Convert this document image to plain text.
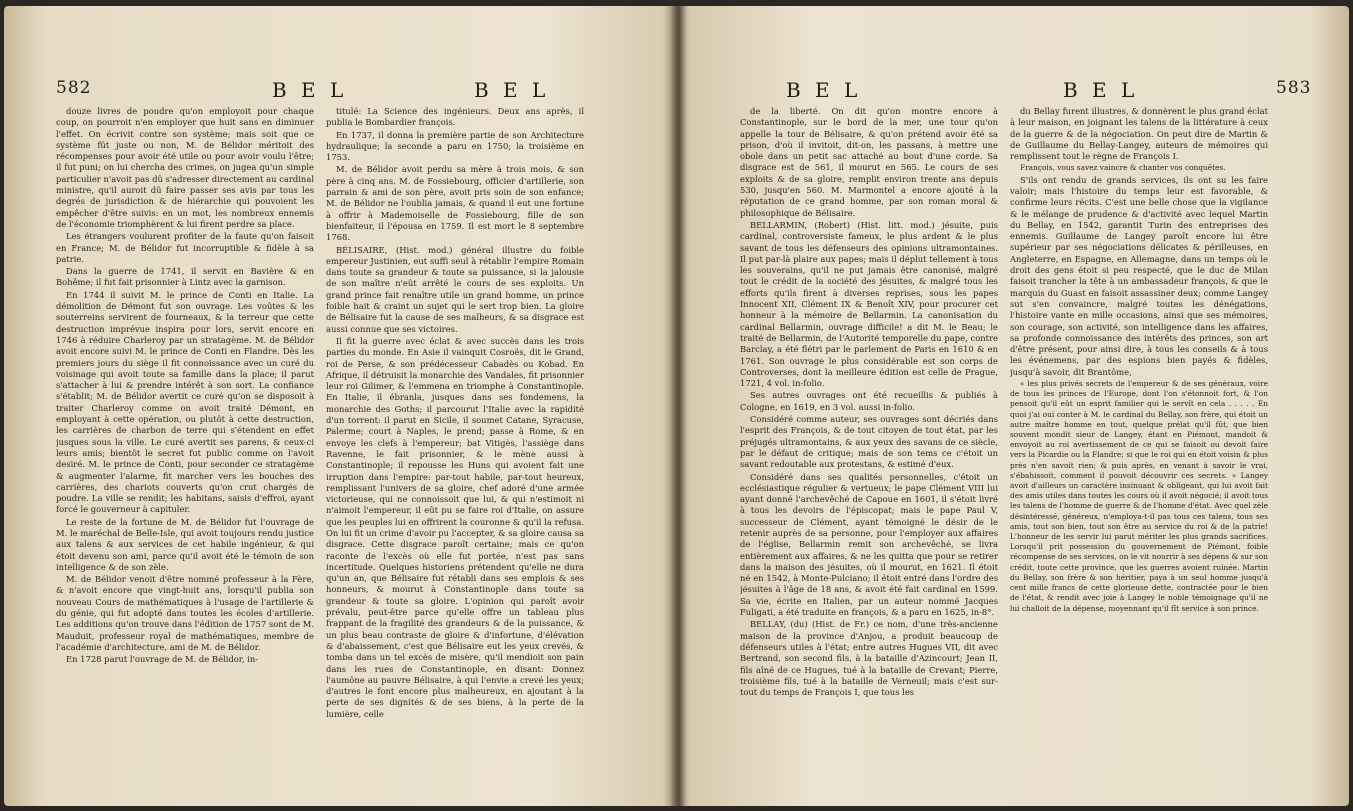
582	B E L	B E L

douze livres de poudre qu'on employoit pour chaque coup, on pourroit n'en employer que huit sans en diminuer l'effet. On écrivit contre son système; mais soit que ce système fût juste ou non, M. de Bélidor méritoit des récompenses pour avoir été utile ou pour avoir voulu l'être; il fut puni; on lui chercha des crimes, on jugea qu'un simple particulier n'avoit pas dû s'adresser directement au cardinal ministre, qu'il auroit dû faire passer ses avis par tous les degrés de jurisdiction & de hiérarchie qui pouvoient les empêcher d'être suivis: en un mot, les nombreux ennemis de l'économie triomphèrent & lui firent perdre sa place.

Les étrangers voulurent profiter de la faute qu'on faisoit en France; M. de Bélidor fut incorruptible & fidèle à sa patrie.

Dans la guerre de 1741, il servit en Bavière & en Bohême; il fut fait prisonnier à Lintz avec la garnison.

En 1744 il suivit M. le prince de Conti en Italie. La démolition de Démont fut son ouvrage. Les voûtes & les souterreins servirent de fourneaux, & la terreur que cette destruction imprévue inspira pour lors, servit encore en 1746 à réduire Charleroy par un stratagème. M. de Bélidor avoit encore suivi M. le prince de Conti en Flandre. Dès les premiers jours du siège il fit connoissance avec un curé du voisinage qui avoit toute sa famille dans la place; il parut s'attacher à lui & prendre intérêt à son sort. La confiance s'établit; M. de Bélidor avertit ce curé qu'on se disposoit à traiter Charleroy comme on avoit traité Démont, en employant à cette opération, ou plutôt à cette destruction, les carrières de charbon de terre qui s'étendent en effet jusques sous la ville. Le curé avertit ses parens, & ceux-ci leurs amis; bientôt le secret fut public comme on l'avoit desiré. M. le prince de Conti, pour seconder ce stratagème & augmenter l'alarme, fit marcher vers les bouches des carrières, des chariots couverts qu'on crut chargés de poudre. La ville se rendit; les habitans, saisis d'effroi, ayant forcé le gouverneur à capituler.

Le reste de la fortune de M. de Bélidor fut l'ouvrage de M. le maréchal de Belle-Isle, qui avoit toujours rendu justice aux talens & aux services de cet habile ingénieur, & qui étoit devenu son ami, parce qu'il avoit été le témoin de son intelligence & de son zèle.

M. de Bélidor venoit d'être nommé professeur à la Fère, & n'avoit encore que vingt-huit ans, lorsqu'il publia son nouveau Cours de mathématiques à l'usage de l'artillerie & du génie, qui fut adopté dans toutes les écoles d'artillerie. Les additions qu'on trouve dans l'édition de 1757 sont de M. Mauduit, professeur royal de mathématiques, membre de l'académie d'architecture, ami de M. de Bélidor.

En 1728 parut l'ouvrage de M. de Bélidor, in-

titulé: La Science des ingénieurs. Deux ans après, il publia le Bombardier françois.

En 1737, il donna la première partie de son Architecture hydraulique; la seconde a paru en 1750; la troisième en 1753.

M. de Bélidor avoit perdu sa mère à trois mois, & son père à cinq ans. M. de Fossiebourg, officier d'artillerie, son parrain & ami de son père, avoit pris soin de son enfance; M. de Bélidor ne l'oublia jamais, & quand il eut une fortune à offrir à Mademoiselle de Fossiebourg, fille de son bienfaiteur, il l'épousa en 1759. Il est mort le 8 septembre 1768.

BÉLISAIRE, (Hist. mod.) général illustre du foible empereur Justinien, eut suffi seul à rétablir l'empire Romain dans toute sa grandeur & toute sa puissance, si la jalousie de son maître n'eût arrêté le cours de ses exploits. Un grand prince fait renaître utile un grand homme, un prince foible hait & craint un sujet qui le sert trop bien. La gloire de Bélisaire fut la cause de ses malheurs, & sa disgrace est aussi connue que ses victoires.

Il fit la guerre avec éclat & avec succès dans les trois parties du monde. En Asie il vainquit Cosroës, dit le Grand, roi de Perse, & son prédécesseur Cabadès ou Kobad. En Afrique, il détruisit la monarchie des Vandales, fit prisonnier leur roi Gilimer, & l'emmena en triomphe à Constantinople. En Italie, il ébranla, jusques dans ses fondemens, la monarchie des Goths; il parcourut l'Italie avec la rapidité d'un torrent: il parut en Sicile, il soumet Catane, Syracuse, Palerme; court à Naples, le prend; passe à Rome, & en envoye les clefs à l'empereur; bat Vitigès, l'assiège dans Ravenne, le fait prisonnier, & le mène aussi à Constantinople; il repousse les Huns qui avoient fait une irruption dans l'empire: par-tout habile, par-tout heureux, remplissant l'univers de sa gloire, chef adoré d'une armée victorieuse, qui ne connoissoit que lui, & qui n'estimoit ni n'aimoit l'empereur, il eût pu se faire roi d'Italie, on assure que les peuples lui en offrirent la couronne & qu'il la refusa. On lui fit un crime d'avoir pu l'accepter, & sa gloire causa sa disgrace. Cette disgrace paroît certaine; mais ce qu'on raconte de l'excès où elle fut portée, n'est pas sans incertitude. Quelques historiens prétendent qu'elle ne dura qu'un an, que Bélisaire fut rétabli dans ses emplois & ses honneurs, & mourut à Constantinople dans toute sa grandeur & toute sa gloire. L'opinion qui paroît avoir prévalu, peut-être parce qu'elle offre un tableau plus frappant de la fragilité des grandeurs & de la puissance, & un plus beau contraste de gloire & d'infortune, d'élévation & d'abaissement, c'est que Bélisaire eut les yeux crevés, & tomba dans un tel excès de misère, qu'il mendioit son pain dans les rues de Constantinople, en disant: Donnez l'aumône au pauvre Bélisaire, à qui l'envie a crevé les yeux; d'autres le font encore plus malheureux, en ajoutant à la perte de ses dignités & de ses biens, à la perte de la lumière, celle

B E L	B E L	583

de la liberté. On dit qu'on montre encore à Constantinople, sur le bord de la mer, une tour qu'on appelle la tour de Bélisaire, & qu'on prétend avoir été sa prison, d'où il invitoit, dit-on, les passans, à mettre une obole dans un petit sac attaché au bout d'une corde. Sa disgrace est de 561, il mourut en 565. Le cours de ses exploits & de sa gloire, remplit environ trente ans depuis 530, jusqu'en 560. M. Marmontel a encore ajouté à la réputation de ce grand homme, par son roman moral & philosophique de Bélisaire.

BELLARMIN, (Robert) (Hist. litt. mod.) jésuite, puis cardinal, controversiste fameux, le plus ardent & le plus savant de tous les défenseurs des opinions ultramontaines. Il put par-là plaire aux papes; mais il déplut tellement à tous les souverains, qu'il ne put jamais être canonisé, malgré tout le crédit de la société des jésuites, & malgré tous les efforts qu'ils firent à diverses reprises, sous les papes Innocent XII, Clément IX & Benoît XIV, pour procurer cet honneur à la mémoire de Bellarmin. La canonisation du cardinal Bellarmin, ouvrage difficile! a dit M. le Beau; le traité de Bellarmin, de l'Autorité temporelle du pape, contre Barclay, a été flétri par le parlement de Paris en 1610 & en 1761. Son ouvrage le plus considérable est son corps de Controverses, dont la meilleure édition est celle de Prague, 1721, 4 vol. in-folio.

Ses autres ouvrages ont été recueillis & publiés à Cologne, en 1619, en 3 vol. aussi in-folio.

Considéré comme auteur, ses ouvrages sont décriés dans l'esprit des François, & de tout citoyen de tout état, par les préjugés ultramontains, & aux yeux des savans de ce siècle, par le défaut de critique; mais de son tems ce c'étoit un savant redoutable aux protestans, & estimé d'eux.

Considéré dans ses qualités personnelles, c'étoit un ecclésiastique régulier & vertueux; le pape Clément VIII lui ayant donné l'archevêché de Capoue en 1601, il s'étoit livré à tous les devoirs de l'épiscopat; mais le pape Paul V, successeur de Clément, ayant témoigné le désir de le retenir auprès de sa personne, pour l'employer aux affaires de l'église, Bellarmin remit son archevêché, se livra entièrement aux affaires, & ne les quitta que pour se retirer dans la maison des jésuites, où il mourut, en 1621. Il étoit né en 1542, à Monte-Pulciano; il étoit entré dans l'ordre des jésuites à l'âge de 18 ans, & avoit été fait cardinal en 1599. Sa vie, écrite en Italien, par un auteur nommé Jacques Fuligati, a été traduite en françois, & a paru en 1625, in-8°.

BELLAY, (du) (Hist. de Fr.) ce nom, d'une très-ancienne maison de la province d'Anjou, a produit beaucoup de défenseurs utiles à l'état; entre autres Hugues VII, dit avec Bertrand, son second fils, à la bataille d'Azincourt; Jean II, fils aîné de ce Hugues, tué à la bataille de Crevant; Pierre, troisième fils, tué à la bataille de Verneuil; mais c'est sur-tout du temps de François I, que tous les

du Bellay furent illustres, & donnèrent le plus grand éclat à leur maison, en joignant les talens de la littérature à ceux de la guerre & de la négociation. On peut dire de Martin & de Guillaume du Bellay-Langey, auteurs de mémoires qui remplissent tout le règne de François I.

François, vous savez vaincre & chanter vos conquêtes.

S'ils ont rendu de grands services, ils ont su les faire valoir; mais l'histoire du temps leur est favorable, & confirme leurs récits. C'est une belle chose que la vigilance & le mélange de prudence & d'activité avec lequel Martin du Bellay, en 1542, garantit Turin des entreprises des ennemis. Guillaume de Langey paroît encore lui être supérieur par ses négociations délicates & périlleuses, en Angleterre, en Espagne, en Allemagne, dans un temps où le droit des gens étoit si peu respecté, que le duc de Milan faisoit trancher la tête à un ambassadeur françois, & que le marquis du Guast en faisoit assassiner deux; comme Langey sut s'en convaincre, malgré toutes les dénégations, l'histoire vante en mille occasions, ainsi que ses mémoires, son courage, son activité, son intelligence dans les affaires, sa profonde connoissance des intérêts des princes, son art d'être présent, pour ainsi dire, à tous les conseils & à tous les événemens, par des espions bien payés & fidèles, jusqu'à savoir, dit Brantôme,

« les plus privés secrets de l'empereur & de ses généraux, voire de tous les princes de l'Europe, dont l'on s'étonnoit fort, & l'on pensoit qu'il eût un esprit familier qui le servît en cela . . . . . En quoi j'ai oui conter à M. le cardinal du Bellay, son frère, qui étoit un autre maître homme en tout, quelque prélat qu'il fût, que bien souvent mondit sieur de Langey, étant en Piémont, mandoit & envoyoit au roi avertissement de ce qui se faisoit ou devoit faire vers la Picardie ou la Flandre; si que le roi qui en étoit voisin & plus près n'en savoit rien; & puis après, en venant à savoir le vrai, s'ébahissoit, comment il pouvoit découvrir ces secrets. » Langey avoit d'ailleurs un caractère insinuant & obligeant, qui lui avoit fait des amis utiles dans toutes les cours où il avoit négocié; il avoit tous les talens de l'homme de guerre & de l'homme d'état. Avec quel zèle désintéressé, généreux, n'employa-t-il pas tous ces talens, tous ses amis, tout son bien, tout son être au service du roi & de la patrie! L'honneur de les servir lui parut mériter les plus grands sacrifices. Lorsqu'il prit possession du gouvernement de Piémont, foible récompense de ses services, on le vit nourrir à ses dépens & sur son crédit, toute cette province, que les guerres avoient ruinée. Martin du Bellay, son frère & son héritier, paya à un seul homme jusqu'à cent mille francs de cette glorieuse dette, contractée pour le bien de l'état, & rendit avec joie à Langey le noble témoignage qu'il ne lui challoit de la dépense, moyennant qu'il fît service à son prince.
